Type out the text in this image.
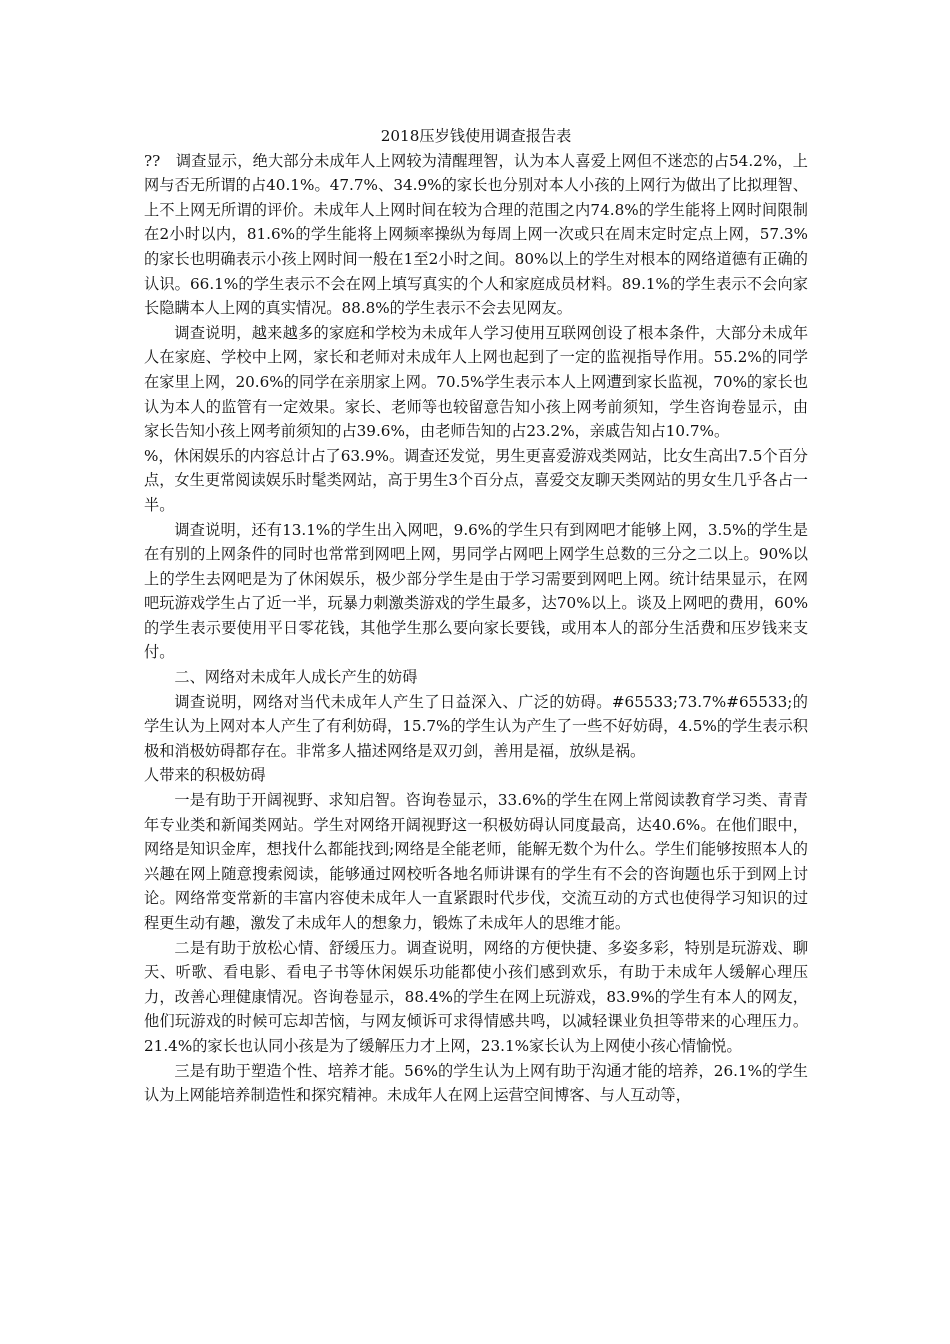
2018压岁钱使用调查报告表

??　调查显示，绝大部分未成年人上网较为清醒理智，认为本人喜爱上网但不迷恋的占54.2%，上网与否无所谓的占40.1%。47.7%、34.9%的家长也分别对本人小孩的上网行为做出了比拟理智、上不上网无所谓的评价。未成年人上网时间在较为合理的范围之内74.8%的学生能将上网时间限制在2小时以内，81.6%的学生能将上网频率操纵为每周上网一次或只在周末定时定点上网，57.3%的家长也明确表示小孩上网时间一般在1至2小时之间。80%以上的学生对根本的网络道德有正确的认识。66.1%的学生表示不会在网上填写真实的个人和家庭成员材料。89.1%的学生表示不会向家长隐瞒本人上网的真实情况。88.8%的学生表示不会去见网友。

调查说明，越来越多的家庭和学校为未成年人学习使用互联网创设了根本条件，大部分未成年人在家庭、学校中上网，家长和老师对未成年人上网也起到了一定的监视指导作用。55.2%的同学在家里上网，20.6%的同学在亲朋家上网。70.5%学生表示本人上网遭到家长监视，70%的家长也认为本人的监管有一定效果。家长、老师等也较留意告知小孩上网考前须知，学生咨询卷显示，由家长告知小孩上网考前须知的占39.6%，由老师告知的占23.2%，亲戚告知占10.7%。

%，休闲娱乐的内容总计占了63.9%。调查还发觉，男生更喜爱游戏类网站，比女生高出7.5个百分点，女生更常阅读娱乐时髦类网站，高于男生3个百分点，喜爱交友聊天类网站的男女生几乎各占一半。

调查说明，还有13.1%的学生出入网吧，9.6%的学生只有到网吧才能够上网，3.5%的学生是在有别的上网条件的同时也常常到网吧上网，男同学占网吧上网学生总数的三分之二以上。90%以上的学生去网吧是为了休闲娱乐，极少部分学生是由于学习需要到网吧上网。统计结果显示，在网吧玩游戏学生占了近一半，玩暴力刺激类游戏的学生最多，达70%以上。谈及上网吧的费用，60%的学生表示要使用平日零花钱，其他学生那么要向家长要钱，或用本人的部分生活费和压岁钱来支付。

二、网络对未成年人成长产生的妨碍

调查说明，网络对当代未成年人产生了日益深入、广泛的妨碍。#65533;73.7%#65533;的学生认为上网对本人产生了有利妨碍，15.7%的学生认为产生了一些不好妨碍，4.5%的学生表示积极和消极妨碍都存在。非常多人描述网络是双刃剑，善用是福，放纵是祸。

人带来的积极妨碍

一是有助于开阔视野、求知启智。咨询卷显示，33.6%的学生在网上常阅读教育学习类、青青年专业类和新闻类网站。学生对网络开阔视野这一积极妨碍认同度最高，达40.6%。在他们眼中，网络是知识金库，想找什么都能找到;网络是全能老师，能解无数个为什么。学生们能够按照本人的兴趣在网上随意搜索阅读，能够通过网校听各地名师讲课有的学生有不会的咨询题也乐于到网上讨论。网络常变常新的丰富内容使未成年人一直紧跟时代步伐，交流互动的方式也使得学习知识的过程更生动有趣，激发了未成年人的想象力，锻炼了未成年人的思维才能。

二是有助于放松心情、舒缓压力。调查说明，网络的方便快捷、多姿多彩，特别是玩游戏、聊天、听歌、看电影、看电子书等休闲娱乐功能都使小孩们感到欢乐，有助于未成年人缓解心理压力，改善心理健康情况。咨询卷显示，88.4%的学生在网上玩游戏，83.9%的学生有本人的网友，他们玩游戏的时候可忘却苦恼，与网友倾诉可求得情感共鸣，以减轻课业负担等带来的心理压力。21.4%的家长也认同小孩是为了缓解压力才上网，23.1%家长认为上网使小孩心情愉悦。

三是有助于塑造个性、培养才能。56%的学生认为上网有助于沟通才能的培养，26.1%的学生认为上网能培养制造性和探究精神。未成年人在网上运营空间博客、与人互动等，
